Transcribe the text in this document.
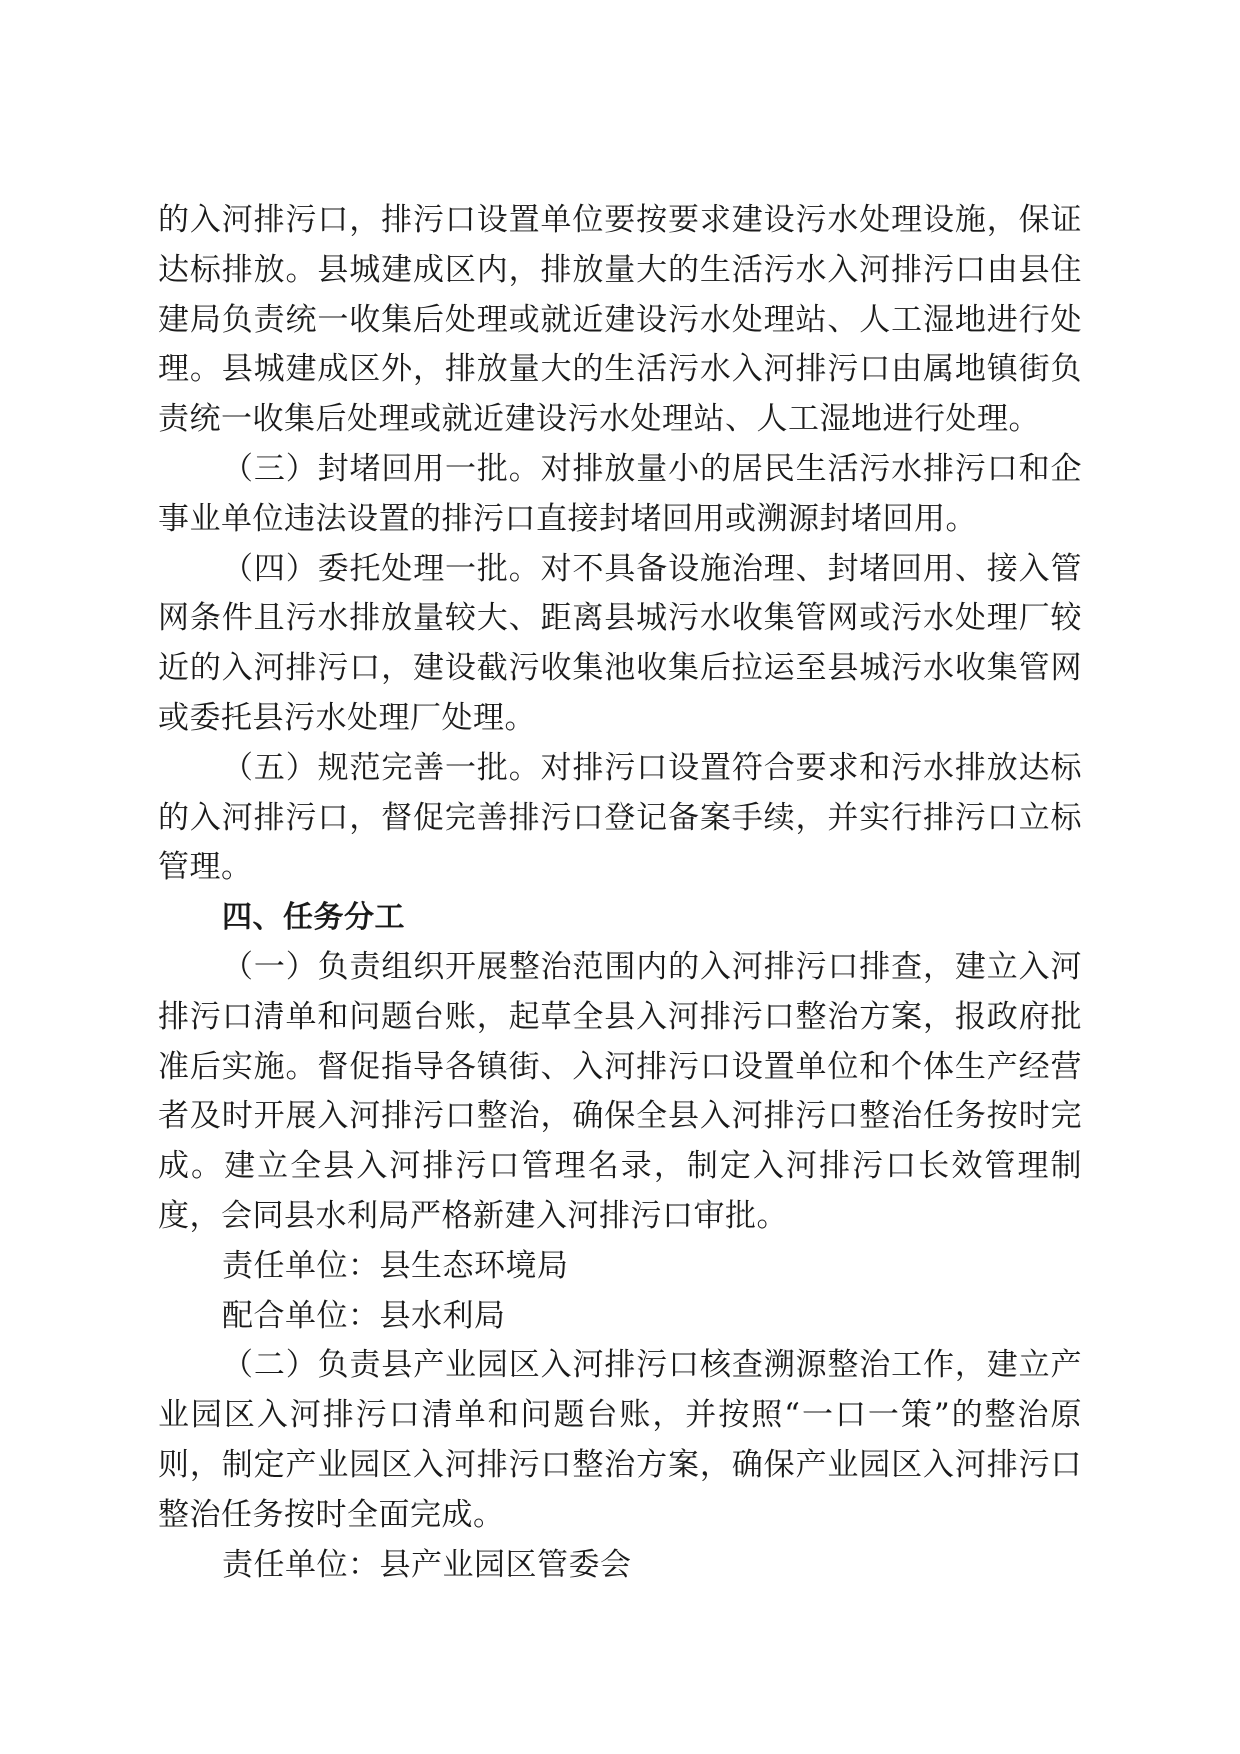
的入河排污口，排污口设置单位要按要求建设污水处理设施，保证达标排放。县城建成区内，排放量大的生活污水入河排污口由县住建局负责统一收集后处理或就近建设污水处理站、人工湿地进行处理。县城建成区外，排放量大的生活污水入河排污口由属地镇街负责统一收集后处理或就近建设污水处理站、人工湿地进行处理。

（三）封堵回用一批。对排放量小的居民生活污水排污口和企事业单位违法设置的排污口直接封堵回用或溯源封堵回用。

（四）委托处理一批。对不具备设施治理、封堵回用、接入管网条件且污水排放量较大、距离县城污水收集管网或污水处理厂较近的入河排污口，建设截污收集池收集后拉运至县城污水收集管网或委托县污水处理厂处理。

（五）规范完善一批。对排污口设置符合要求和污水排放达标的入河排污口，督促完善排污口登记备案手续，并实行排污口立标管理。

四、任务分工

（一）负责组织开展整治范围内的入河排污口排查，建立入河排污口清单和问题台账，起草全县入河排污口整治方案，报政府批准后实施。督促指导各镇街、入河排污口设置单位和个体生产经营者及时开展入河排污口整治，确保全县入河排污口整治任务按时完成。建立全县入河排污口管理名录，制定入河排污口长效管理制度，会同县水利局严格新建入河排污口审批。

责任单位：县生态环境局

配合单位：县水利局

（二）负责县产业园区入河排污口核查溯源整治工作，建立产业园区入河排污口清单和问题台账，并按照“一口一策”的整治原则，制定产业园区入河排污口整治方案，确保产业园区入河排污口整治任务按时全面完成。

责任单位：县产业园区管委会
